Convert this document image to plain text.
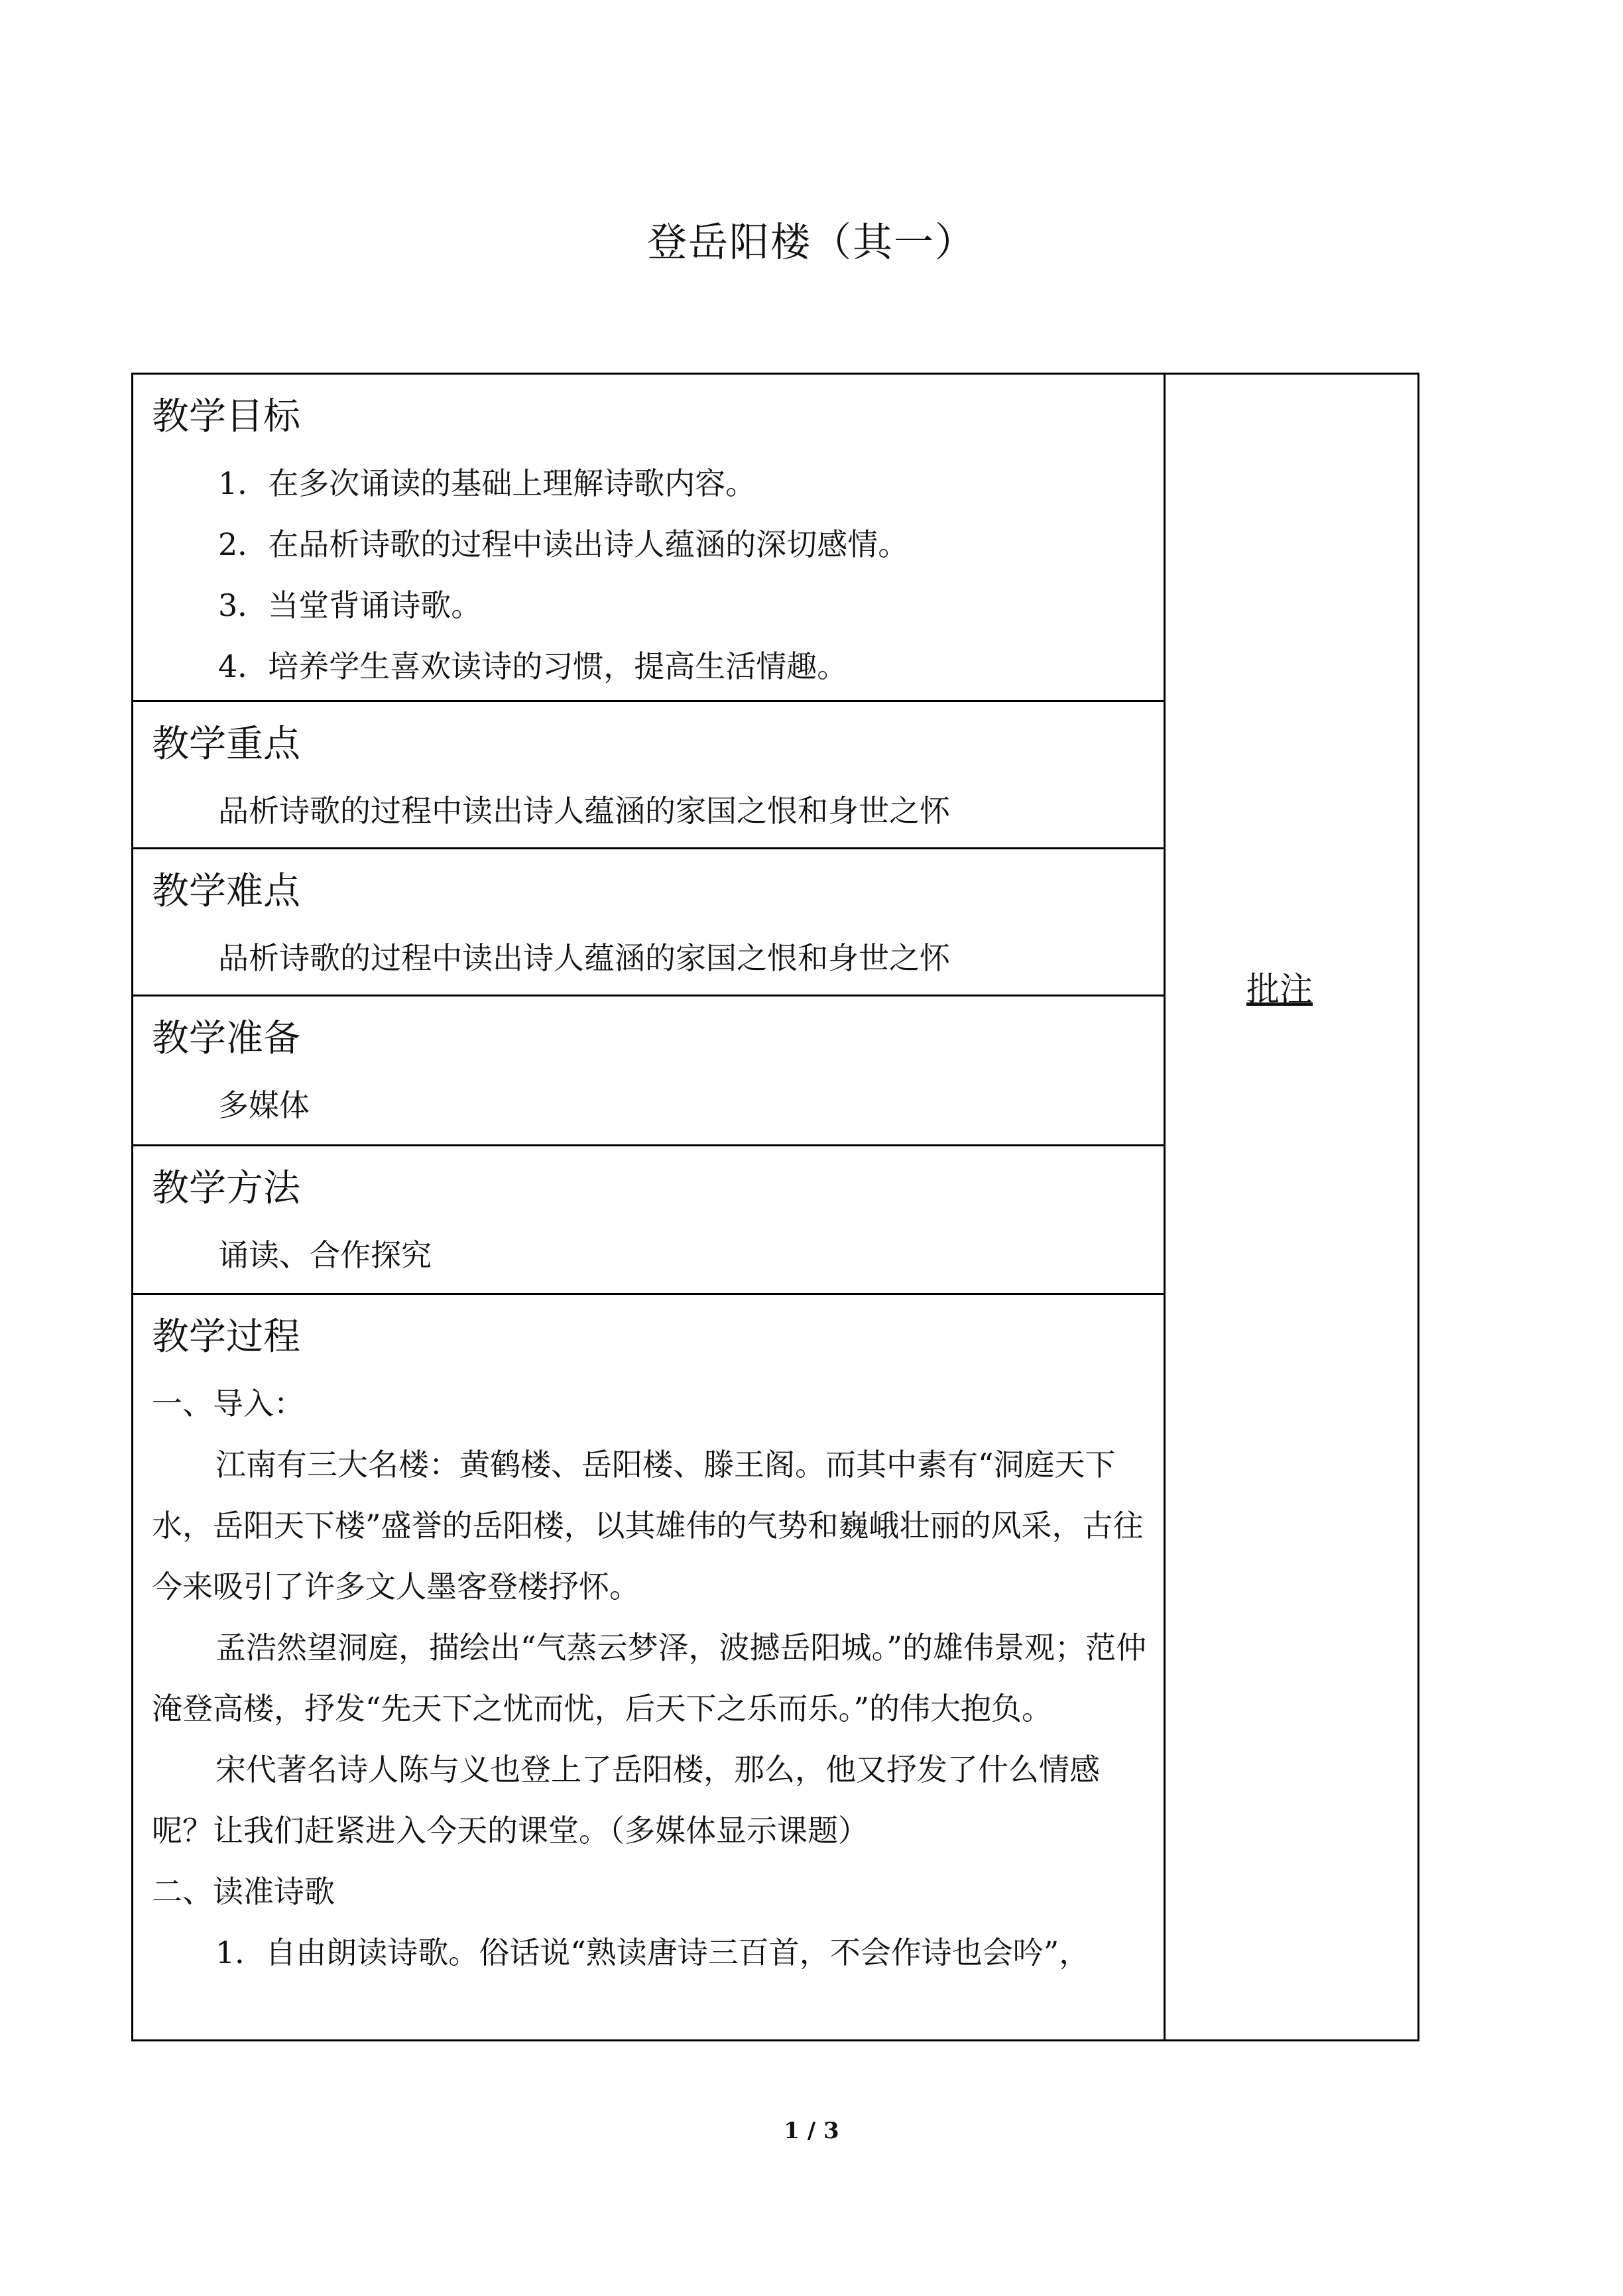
登岳阳楼（其一）
教学目标
1．在多次诵读的基础上理解诗歌内容。
2．在品析诗歌的过程中读出诗人蕴涵的深切感情。
3．当堂背诵诗歌。
4．培养学生喜欢读诗的习惯，提高生活情趣。

教学重点
品析诗歌的过程中读出诗人蕴涵的家国之恨和身世之怀

教学难点
品析诗歌的过程中读出诗人蕴涵的家国之恨和身世之怀

教学准备
多媒体

教学方法
诵读、合作探究

教学过程
一、导入：
江南有三大名楼：黄鹤楼、岳阳楼、滕王阁。而其中素有“洞庭天下水，岳阳天下楼”盛誉的岳阳楼，以其雄伟的气势和巍峨壮丽的风采，古往今来吸引了许多文人墨客登楼抒怀。
孟浩然望洞庭，描绘出“气蒸云梦泽，波撼岳阳城。”的雄伟景观；范仲淹登高楼，抒发“先天下之忧而忧，后天下之乐而乐。”的伟大抱负。
宋代著名诗人陈与义也登上了岳阳楼，那么，他又抒发了什么情感呢？让我们赶紧进入今天的课堂。（多媒体显示课题）
二、读准诗歌
1．自由朗读诗歌。俗话说“熟读唐诗三百首，不会作诗也会吟”，
批注
1 / 3
